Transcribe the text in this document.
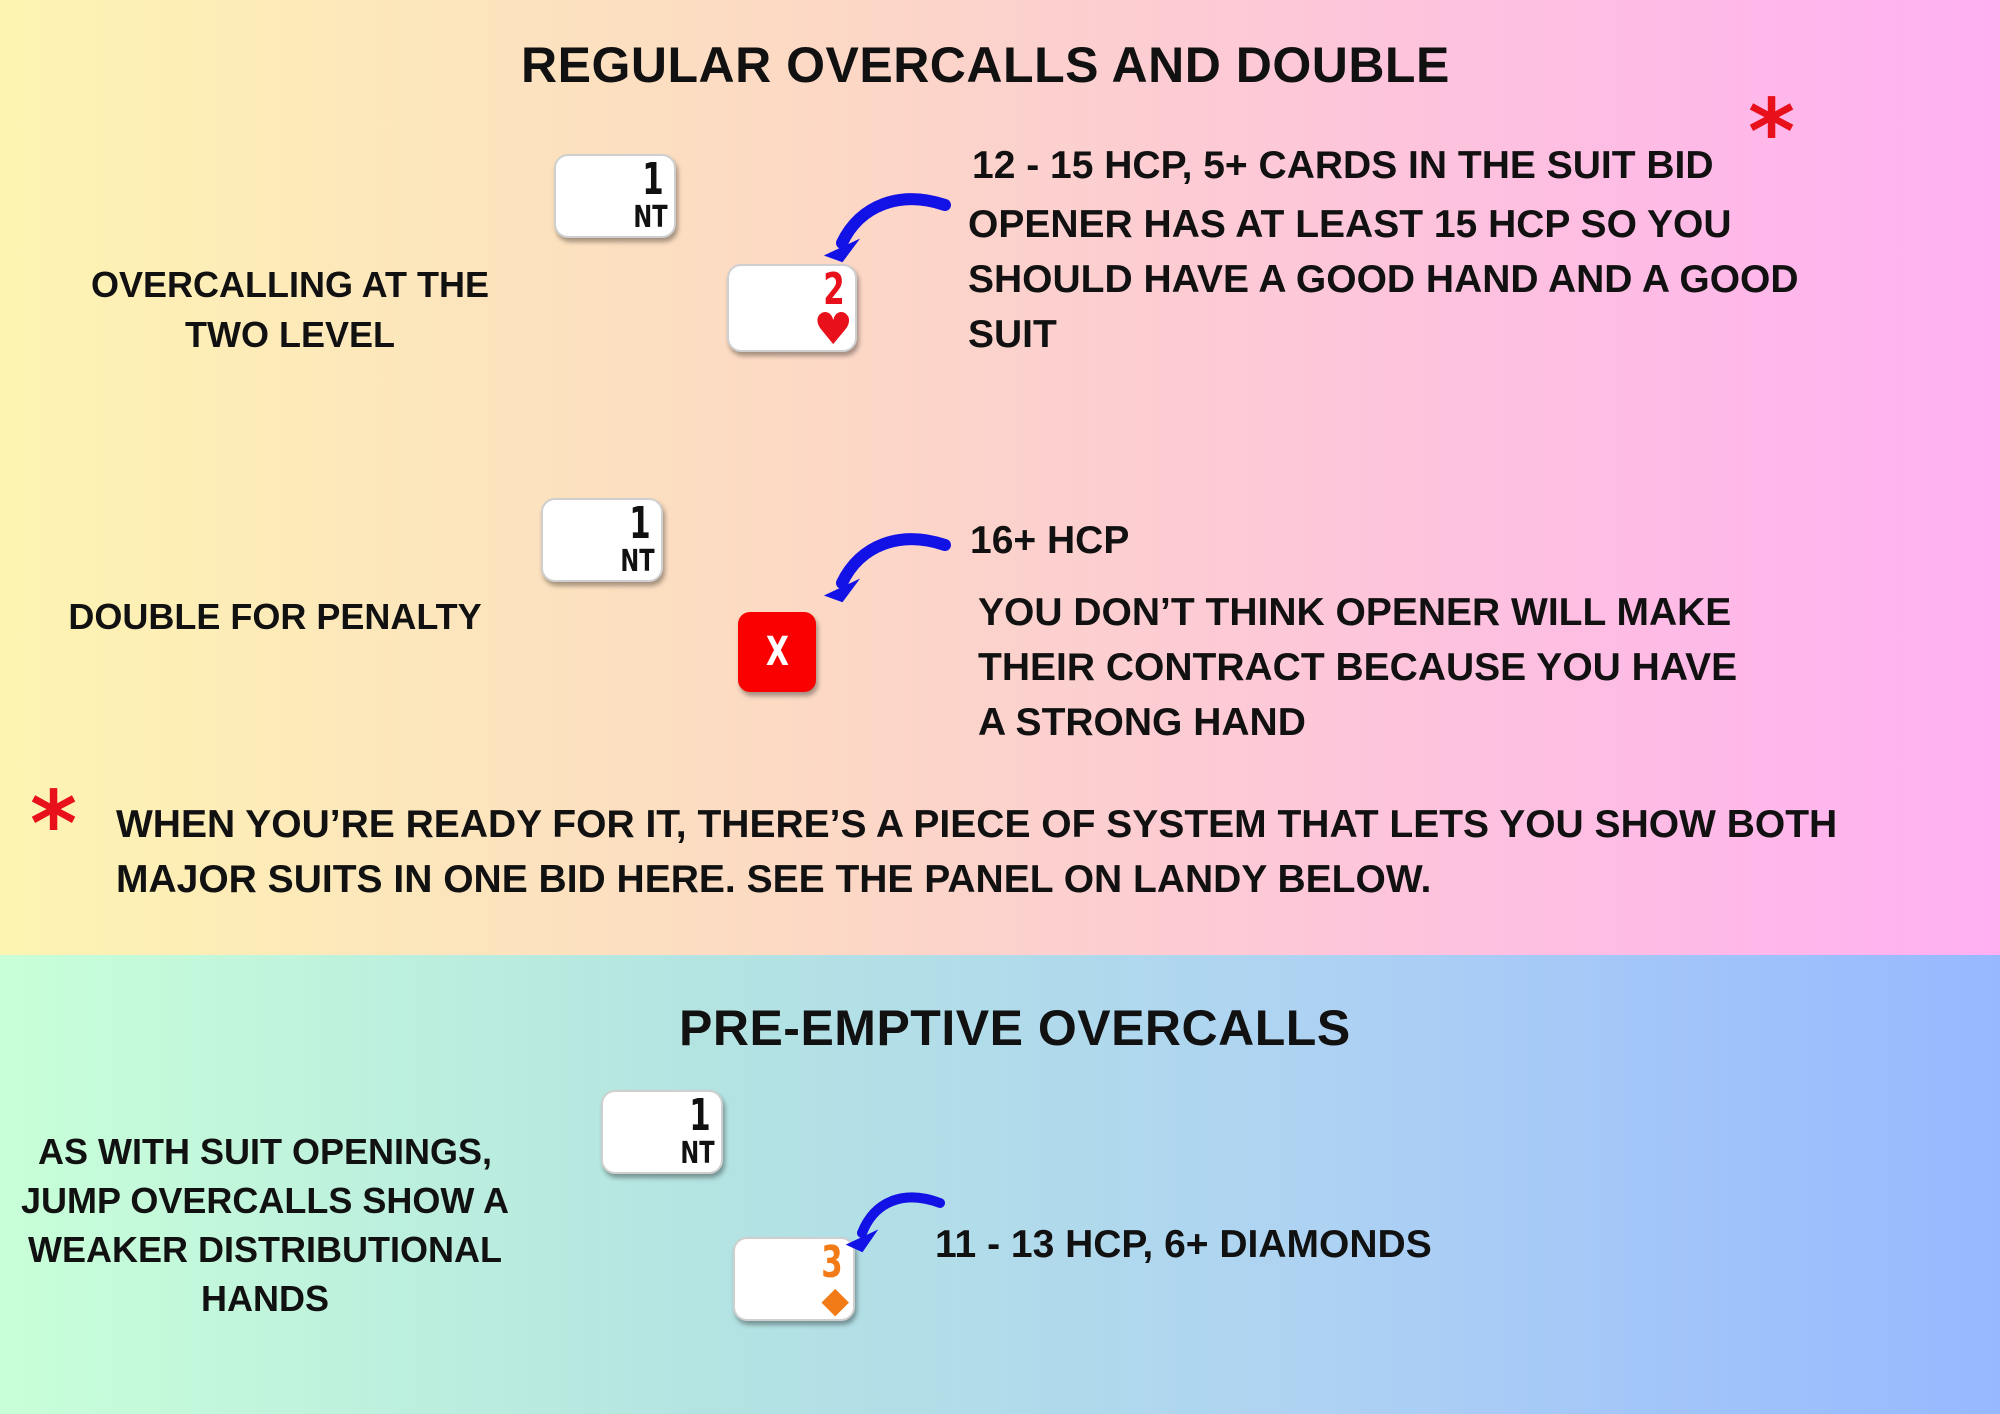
REGULAR OVERCALLS AND DOUBLE
*
OVERCALLING AT THE
TWO LEVEL
1
NT
2
♥
12 - 15 HCP, 5+ CARDS IN THE SUIT BID
OPENER HAS AT LEAST 15 HCP SO YOU
SHOULD HAVE A GOOD HAND AND A GOOD
SUIT
DOUBLE FOR PENALTY
1
NT
X
16+ HCP
YOU DON’T THINK OPENER WILL MAKE
THEIR CONTRACT BECAUSE YOU HAVE
A STRONG HAND
* WHEN YOU’RE READY FOR IT, THERE’S A PIECE OF SYSTEM THAT LETS YOU SHOW BOTH
MAJOR SUITS IN ONE BID HERE. SEE THE PANEL ON LANDY BELOW.
PRE-EMPTIVE OVERCALLS
AS WITH SUIT OPENINGS,
JUMP OVERCALLS SHOW A
WEAKER DISTRIBUTIONAL
HANDS
1
NT
3
◆
11 - 13 HCP, 6+ DIAMONDS
